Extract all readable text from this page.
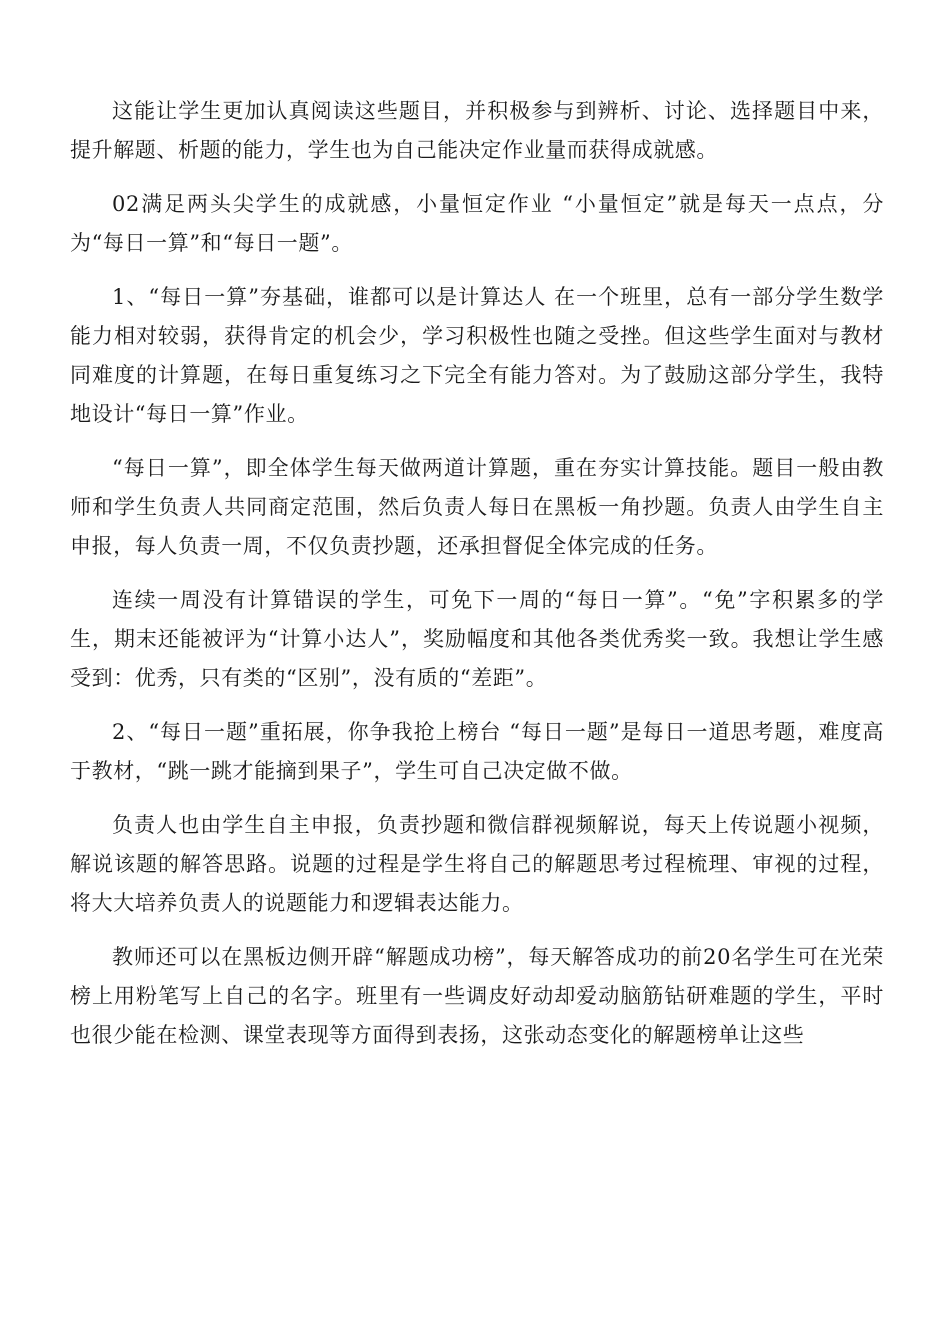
这能让学生更加认真阅读这些题目，并积极参与到辨析、讨论、选择题目中来，提升解题、析题的能力，学生也为自己能决定作业量而获得成就感。

02满足两头尖学生的成就感，小量恒定作业 “小量恒定”就是每天一点点，分为“每日一算”和“每日一题”。

1、“每日一算”夯基础，谁都可以是计算达人 在一个班里，总有一部分学生数学能力相对较弱，获得肯定的机会少，学习积极性也随之受挫。但这些学生面对与教材同难度的计算题，在每日重复练习之下完全有能力答对。为了鼓励这部分学生，我特地设计“每日一算”作业。

“每日一算”，即全体学生每天做两道计算题，重在夯实计算技能。题目一般由教师和学生负责人共同商定范围，然后负责人每日在黑板一角抄题。负责人由学生自主申报，每人负责一周，不仅负责抄题，还承担督促全体完成的任务。

连续一周没有计算错误的学生，可免下一周的“每日一算”。“免”字积累多的学生，期末还能被评为“计算小达人”，奖励幅度和其他各类优秀奖一致。我想让学生感受到：优秀，只有类的“区别”，没有质的“差距”。

2、“每日一题”重拓展，你争我抢上榜台 “每日一题”是每日一道思考题，难度高于教材，“跳一跳才能摘到果子”，学生可自己决定做不做。

负责人也由学生自主申报，负责抄题和微信群视频解说，每天上传说题小视频，解说该题的解答思路。说题的过程是学生将自己的解题思考过程梳理、审视的过程，将大大培养负责人的说题能力和逻辑表达能力。

教师还可以在黑板边侧开辟“解题成功榜”，每天解答成功的前20名学生可在光荣榜上用粉笔写上自己的名字。班里有一些调皮好动却爱动脑筋钻研难题的学生，平时也很少能在检测、课堂表现等方面得到表扬，这张动态变化的解题榜单让这些
